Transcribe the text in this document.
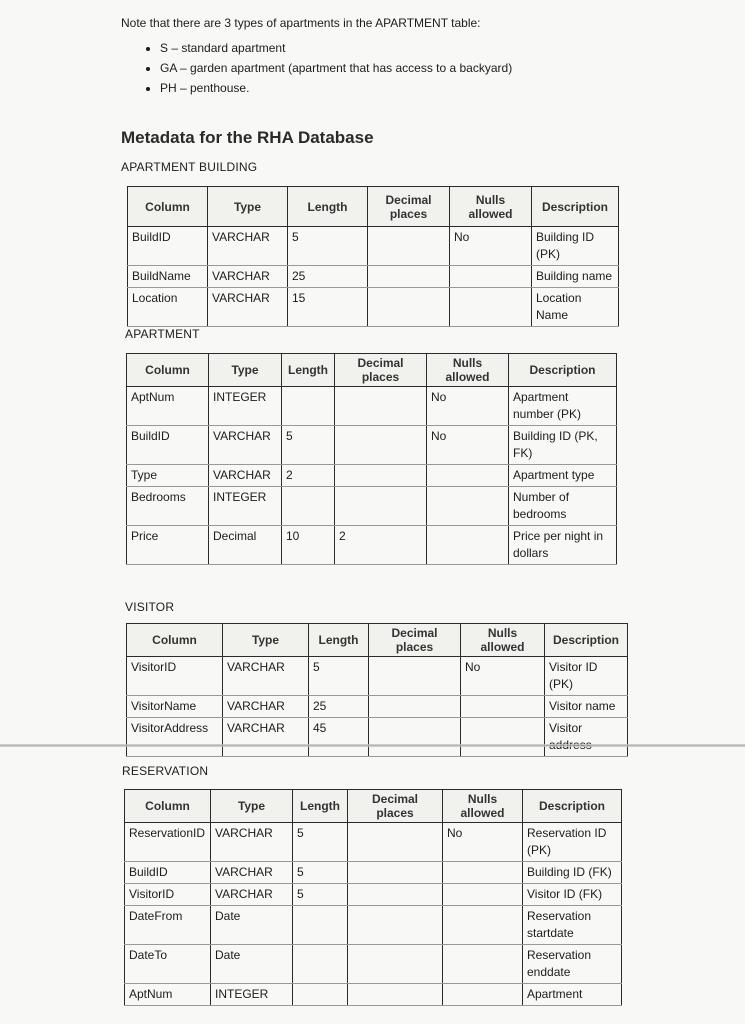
Note that there are 3 types of apartments in the APARTMENT table:
• S – standard apartment
• GA – garden apartment (apartment that has access to a backyard)
• PH – penthouse.
Metadata for the RHA Database
APARTMENT BUILDING
Column	Type	Length	Decimal places	Nulls allowed	Description
BuildID	VARCHAR	5		No	Building ID (PK)
BuildName	VARCHAR	25			Building name
Location	VARCHAR	15			Location Name
APARTMENT
Column	Type	Length	Decimal places	Nulls allowed	Description
AptNum	INTEGER			No	Apartment number (PK)
BuildID	VARCHAR	5		No	Building ID (PK, FK)
Type	VARCHAR	2			Apartment type
Bedrooms	INTEGER				Number of bedrooms
Price	Decimal	10	2		Price per night in dollars
VISITOR
Column	Type	Length	Decimal places	Nulls allowed	Description
VisitorID	VARCHAR	5		No	Visitor ID (PK)
VisitorName	VARCHAR	25			Visitor name
VisitorAddress	VARCHAR	45			Visitor
RESERVATION
Column	Type	Length	Decimal places	Nulls allowed	Description
ReservationID	VARCHAR	5		No	Reservation ID (PK)
BuildID	VARCHAR	5			Building ID (FK)
VisitorID	VARCHAR	5			Visitor ID (FK)
DateFrom	Date				Reservation startdate
DateTo	Date				Reservation enddate
AptNum	INTEGER				Apartment
